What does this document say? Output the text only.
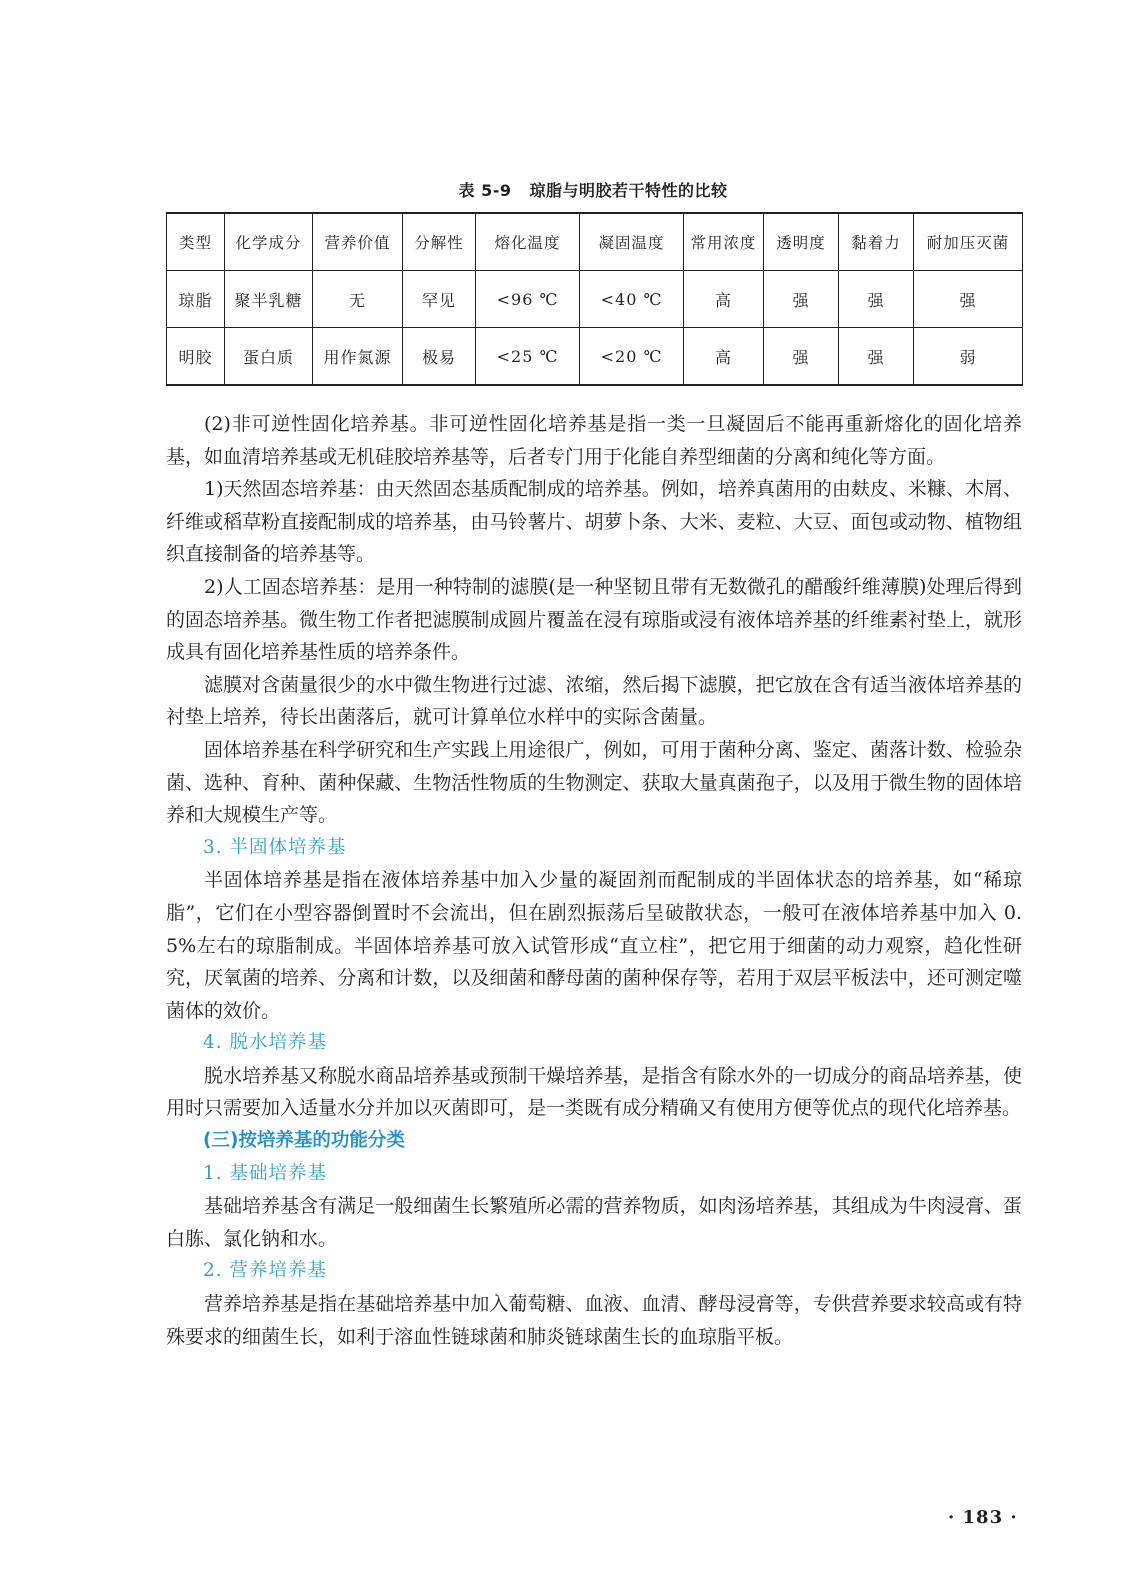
表 5-9 琼脂与明胶若干特性的比较
类型	化学成分	营养价值	分解性	熔化温度	凝固温度	常用浓度	透明度	黏着力	耐加压灭菌
琼脂	聚半乳糖	无	罕见	<96 ℃	<40 ℃	高	强	强	强
明胶	蛋白质	用作氮源	极易	<25 ℃	<20 ℃	高	强	强	弱

(2)非可逆性固化培养基。非可逆性固化培养基是指一类一旦凝固后不能再重新熔化的固化培养基，如血清培养基或无机硅胶培养基等，后者专门用于化能自养型细菌的分离和纯化等方面。

1)天然固态培养基：由天然固态基质配制成的培养基。例如，培养真菌用的由麸皮、米糠、木屑、纤维或稻草粉直接配制成的培养基，由马铃薯片、胡萝卜条、大米、麦粒、大豆、面包或动物、植物组织直接制备的培养基等。

2)人工固态培养基：是用一种特制的滤膜(是一种坚韧且带有无数微孔的醋酸纤维薄膜)处理后得到的固态培养基。微生物工作者把滤膜制成圆片覆盖在浸有琼脂或浸有液体培养基的纤维素衬垫上，就形成具有固化培养基性质的培养条件。

滤膜对含菌量很少的水中微生物进行过滤、浓缩，然后揭下滤膜，把它放在含有适当液体培养基的衬垫上培养，待长出菌落后，就可计算单位水样中的实际含菌量。

固体培养基在科学研究和生产实践上用途很广，例如，可用于菌种分离、鉴定、菌落计数、检验杂菌、选种、育种、菌种保藏、生物活性物质的生物测定、获取大量真菌孢子，以及用于微生物的固体培养和大规模生产等。

3. 半固体培养基

半固体培养基是指在液体培养基中加入少量的凝固剂而配制成的半固体状态的培养基，如“稀琼脂”，它们在小型容器倒置时不会流出，但在剧烈振荡后呈破散状态，一般可在液体培养基中加入 0. 5%左右的琼脂制成。半固体培养基可放入试管形成“直立柱”，把它用于细菌的动力观察，趋化性研究，厌氧菌的培养、分离和计数，以及细菌和酵母菌的菌种保存等，若用于双层平板法中，还可测定噬菌体的效价。

4. 脱水培养基

脱水培养基又称脱水商品培养基或预制干燥培养基，是指含有除水外的一切成分的商品培养基，使用时只需要加入适量水分并加以灭菌即可，是一类既有成分精确又有使用方便等优点的现代化培养基。

(三)按培养基的功能分类

1. 基础培养基

基础培养基含有满足一般细菌生长繁殖所必需的营养物质，如肉汤培养基，其组成为牛肉浸膏、蛋白胨、氯化钠和水。

2. 营养培养基

营养培养基是指在基础培养基中加入葡萄糖、血液、血清、酵母浸膏等，专供营养要求较高或有特殊要求的细菌生长，如利于溶血性链球菌和肺炎链球菌生长的血琼脂平板。

· 183 ·
